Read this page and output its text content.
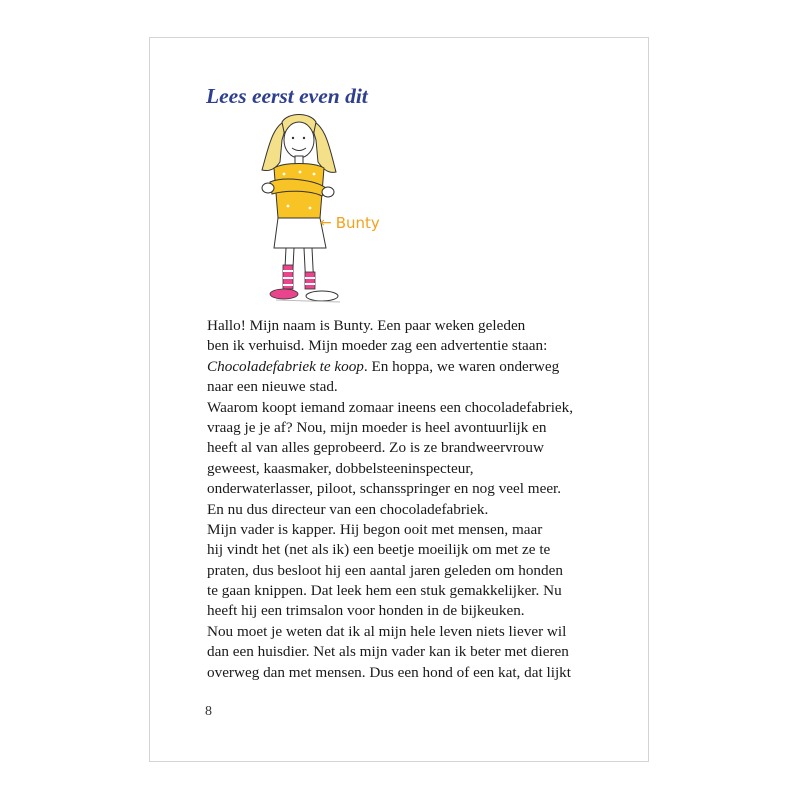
Lees eerst even dit
← Bunty
Hallo! Mijn naam is Bunty. Een paar weken geleden
ben ik verhuisd. Mijn moeder zag een advertentie staan:
Chocoladefabriek te koop. En hoppa, we waren onderweg
naar een nieuwe stad.
Waarom koopt iemand zomaar ineens een chocoladefabriek,
vraag je je af? Nou, mijn moeder is heel avontuurlijk en
heeft al van alles geprobeerd. Zo is ze brandweervrouw
geweest, kaasmaker, dobbelsteeninspecteur,
onderwaterlasser, piloot, schansspringer en nog veel meer.
En nu dus directeur van een chocoladefabriek.
Mijn vader is kapper. Hij begon ooit met mensen, maar
hij vindt het (net als ik) een beetje moeilijk om met ze te
praten, dus besloot hij een aantal jaren geleden om honden
te gaan knippen. Dat leek hem een stuk gemakkelijker. Nu
heeft hij een trimsalon voor honden in de bijkeuken.
Nou moet je weten dat ik al mijn hele leven niets liever wil
dan een huisdier. Net als mijn vader kan ik beter met dieren
overweg dan met mensen. Dus een hond of een kat, dat lijkt
8
